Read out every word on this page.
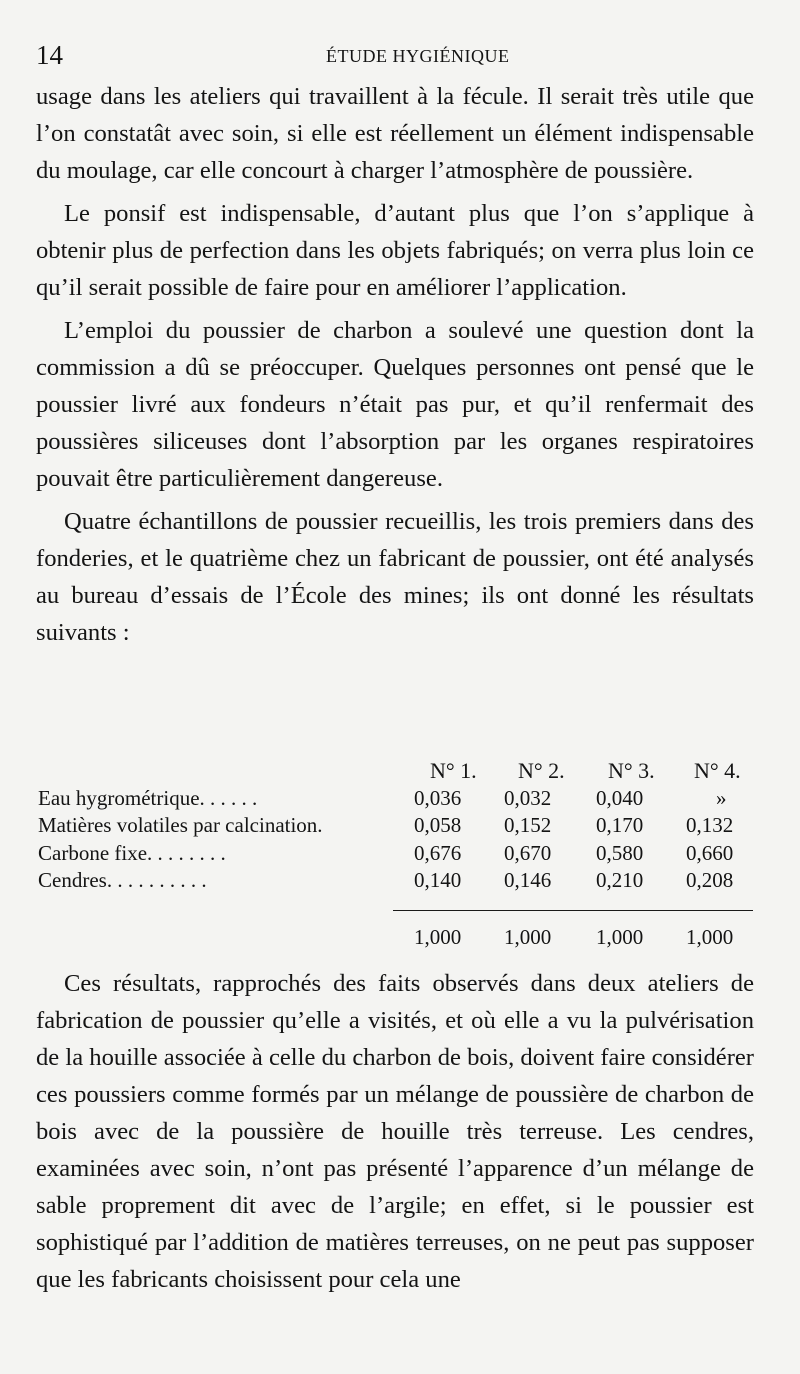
14	ÉTUDE HYGIÉNIQUE

usage dans les ateliers qui travaillent à la fécule. Il serait très utile que l’on constatât avec soin, si elle est réellement un élément indispensable du moulage, car elle concourt à charger l’atmosphère de poussière.

Le ponsif est indispensable, d’autant plus que l’on s’applique à obtenir plus de perfection dans les objets fabriqués; on verra plus loin ce qu’il serait possible de faire pour en améliorer l’application.

L’emploi du poussier de charbon a soulevé une question dont la commission a dû se préoccuper. Quelques personnes ont pensé que le poussier livré aux fondeurs n’était pas pur, et qu’il renfermait des poussières siliceuses dont l’absorption par les organes respiratoires pouvait être particulièrement dangereuse.

Quatre échantillons de poussier recueillis, les trois premiers dans des fonderies, et le quatrième chez un fabricant de poussier, ont été analysés au bureau d’essais de l’École des mines; ils ont donné les résultats suivants :

N° 1. N° 2. N° 3. N° 4.
Eau hygrométrique. . . . . .	0,036 0,032 0,040	»
Matières volatiles par calcination.	0,058 0,152 0,170 0,132
Carbone fixe. . . . . . . .	0,676 0,670 0,580 0,660
Cendres. . . . . . . . . .	0,140 0,146 0,210 0,208
1,000 1,000 1,000 1,000

Ces résultats, rapprochés des faits observés dans deux ateliers de fabrication de poussier qu’elle a visités, et où elle a vu la pulvérisation de la houille associée à celle du charbon de bois, doivent faire considérer ces poussiers comme formés par un mélange de poussière de charbon de bois avec de la poussière de houille très terreuse. Les cendres, examinées avec soin, n’ont pas présenté l’apparence d’un mélange de sable proprement dit avec de l’argile; en effet, si le poussier est sophistiqué par l’addition de matières terreuses, on ne peut pas supposer que les fabricants choisissent pour cela une
